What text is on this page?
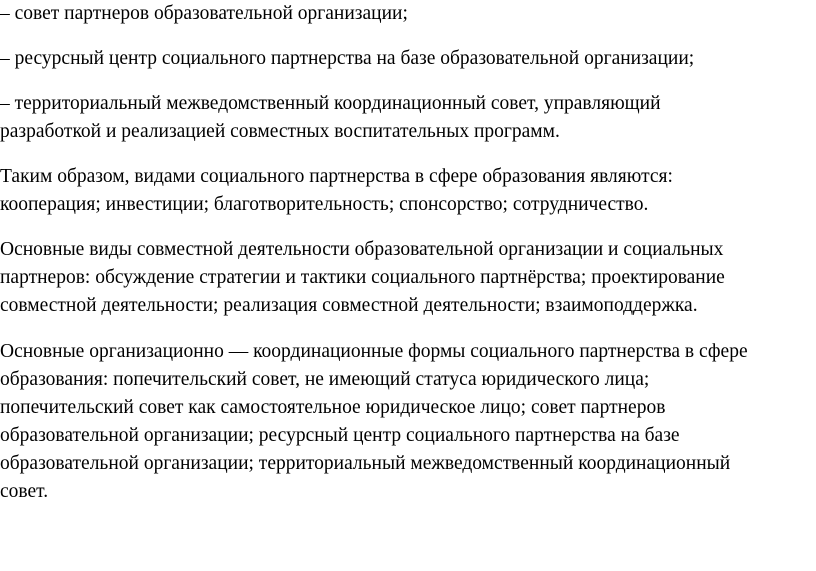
– совет партнеров образовательной организации;

– ресурсный центр социального партнерства на базе образовательной организации;

– территориальный межведомственный координационный совет, управляющий
разработкой и реализацией совместных воспитательных программ.

Таким образом, видами социального партнерства в сфере образования являются:
кооперация; инвестиции; благотворительность; спонсорство; сотрудничество.

Основные виды совместной деятельности образовательной организации и социальных
партнеров: обсуждение стратегии и тактики социального партнёрства; проектирование
совместной деятельности; реализация совместной деятельности; взаимоподдержка.

Основные организационно — координационные формы социального партнерства в сфере
образования: попечительский совет, не имеющий статуса юридического лица;
попечительский совет как самостоятельное юридическое лицо; совет партнеров
образовательной организации; ресурсный центр социального партнерства на базе
образовательной организации; территориальный межведомственный координационный
совет.
